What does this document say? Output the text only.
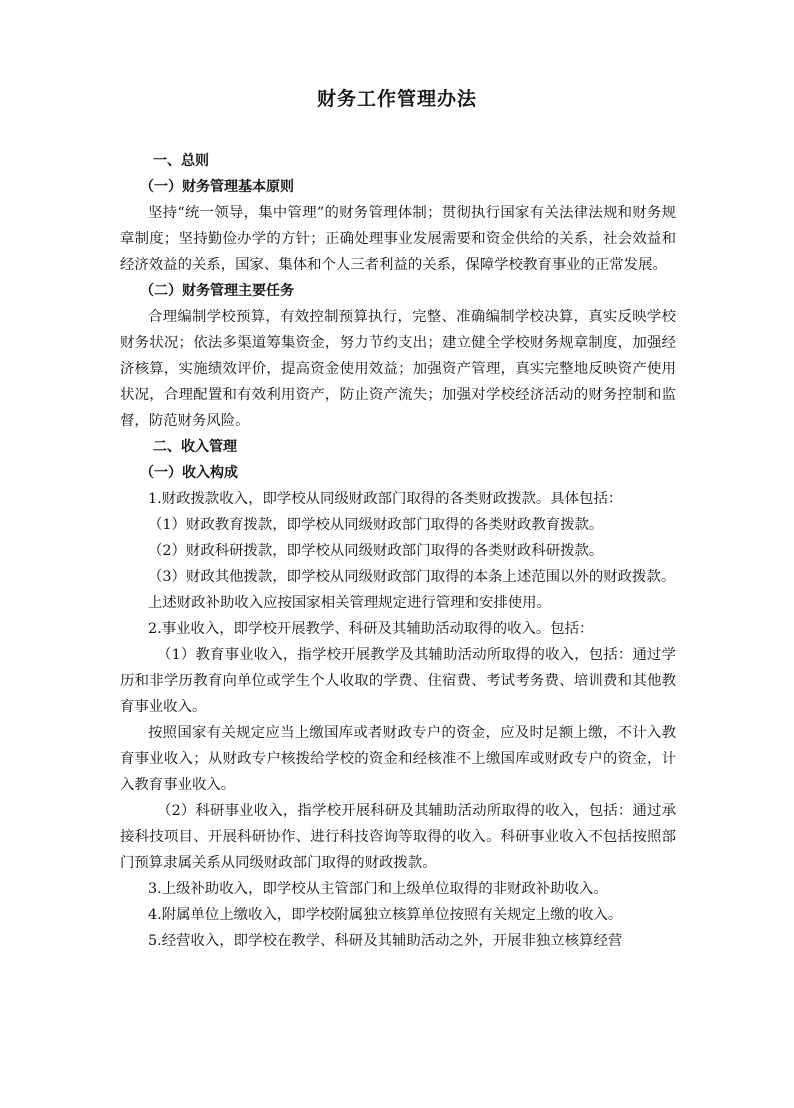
财务工作管理办法

一、总则

（一）财务管理基本原则

坚持“统一领导，集中管理”的财务管理体制；贯彻执行国家有关法律法规和财务规章制度；坚持勤俭办学的方针；正确处理事业发展需要和资金供给的关系，社会效益和经济效益的关系，国家、集体和个人三者利益的关系，保障学校教育事业的正常发展。

（二）财务管理主要任务

合理编制学校预算，有效控制预算执行，完整、准确编制学校决算，真实反映学校财务状况；依法多渠道筹集资金，努力节约支出；建立健全学校财务规章制度，加强经济核算，实施绩效评价，提高资金使用效益；加强资产管理，真实完整地反映资产使用状况，合理配置和有效利用资产，防止资产流失；加强对学校经济活动的财务控制和监督，防范财务风险。

二、收入管理

（一）收入构成

1.财政拨款收入，即学校从同级财政部门取得的各类财政拨款。具体包括：

（1）财政教育拨款，即学校从同级财政部门取得的各类财政教育拨款。

（2）财政科研拨款，即学校从同级财政部门取得的各类财政科研拨款。

（3）财政其他拨款，即学校从同级财政部门取得的本条上述范围以外的财政拨款。

上述财政补助收入应按国家相关管理规定进行管理和安排使用。

2.事业收入，即学校开展教学、科研及其辅助活动取得的收入。包括：

（1）教育事业收入，指学校开展教学及其辅助活动所取得的收入，包括：通过学历和非学历教育向单位或学生个人收取的学费、住宿费、考试考务费、培训费和其他教育事业收入。

按照国家有关规定应当上缴国库或者财政专户的资金，应及时足额上缴，不计入教育事业收入；从财政专户核拨给学校的资金和经核准不上缴国库或财政专户的资金，计入教育事业收入。

（2）科研事业收入，指学校开展科研及其辅助活动所取得的收入，包括：通过承接科技项目、开展科研协作、进行科技咨询等取得的收入。科研事业收入不包括按照部门预算隶属关系从同级财政部门取得的财政拨款。

3.上级补助收入，即学校从主管部门和上级单位取得的非财政补助收入。

4.附属单位上缴收入，即学校附属独立核算单位按照有关规定上缴的收入。

5.经营收入，即学校在教学、科研及其辅助活动之外，开展非独立核算经营
